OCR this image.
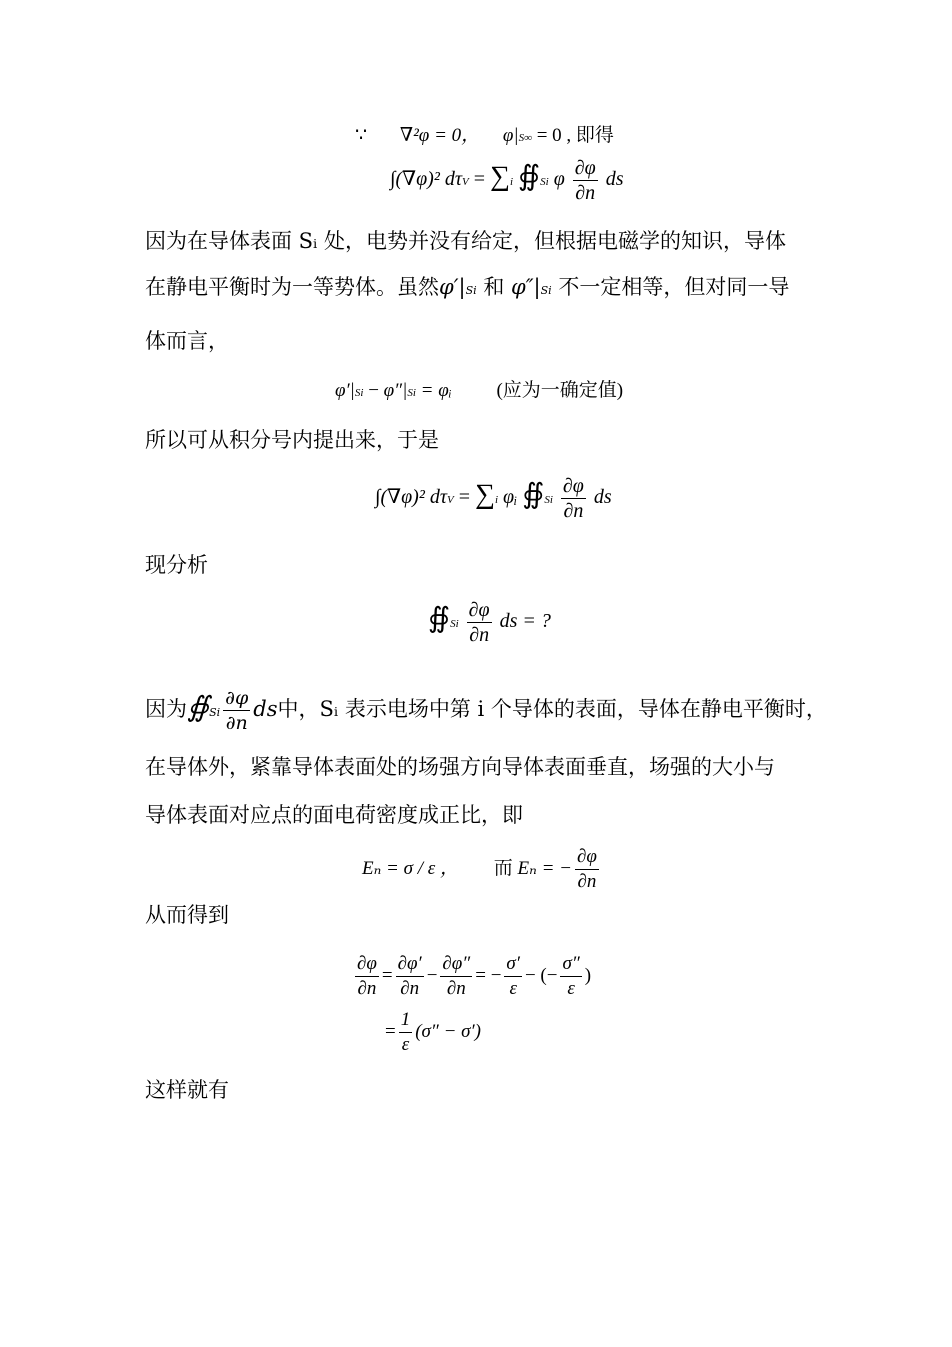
∵ ∇²φ = 0， φ|S∞ = 0 , 即得
∫(∇φ)² dτV = ∑i ∯Si φ $\frac{\partial\varphi}{\partial n}$ ds
因为在导体表面 Sᵢ 处，电势并没有给定，但根据电磁学的知识，导体
在静电平衡时为一等势体。虽然φ′|Si 和 φ″|Si 不一定相等，但对同一导
体而言，
φ′|Si − φ″|Si = φᵢ (应为一确定值)
所以可从积分号内提出来，于是
∫(∇φ)² dτV = ∑i φᵢ ∯Si $\frac{\partial\varphi}{\partial n}$ ds
现分析
∯Si $\frac{\partial\varphi}{\partial n}$ ds = ?
因为∯Si $\frac{\partial\varphi}{\partial n}$ ds中，Sᵢ 表示电场中第 i 个导体的表面，导体在静电平衡时，
在导体外，紧靠导体表面处的场强方向导体表面垂直，场强的大小与
导体表面对应点的面电荷密度成正比，即
Eₙ = σ / ε ， 而 Eₙ = − $\frac{\partial\varphi}{\partial n}$
从而得到
$\frac{\partial\varphi}{\partial n} = \frac{\partial\varphi'}{\partial n} - \frac{\partial\varphi''}{\partial n}$ = − $\frac{\sigma'}{\varepsilon}$ − (− $\frac{\sigma''}{\varepsilon}$ )
= $\frac{1}{\varepsilon} (\sigma'' - \sigma')$
这样就有
